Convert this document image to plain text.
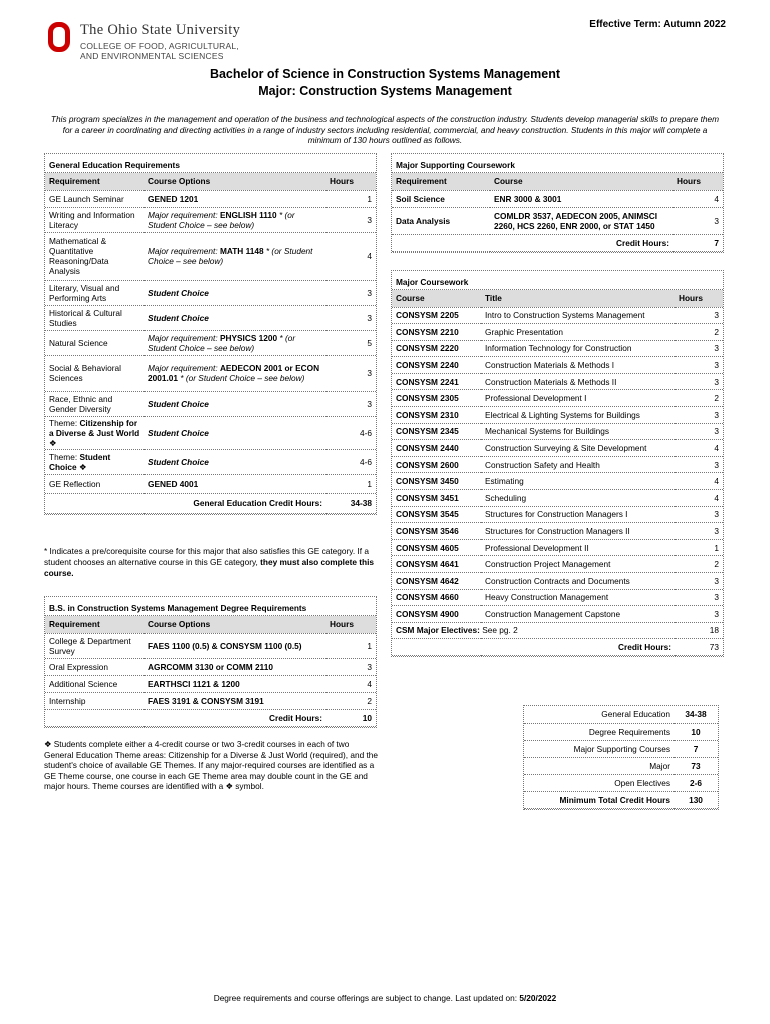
The Ohio State University
COLLEGE OF FOOD, AGRICULTURAL,
AND ENVIRONMENTAL SCIENCES
Effective Term: Autumn 2022
Bachelor of Science in Construction Systems Management
Major: Construction Systems Management
This program specializes in the management and operation of the business and technological aspects of the construction industry. Students develop managerial skills to prepare them for a career in coordinating and directing activities in a range of industry sectors including residential, commercial, and heavy construction. Students in this major will complete a minimum of 130 hours outlined as follows.
General Education Requirements
Requirement	Course Options	Hours
GE Launch Seminar	GENED 1201	1
Writing and Information Literacy	Major requirement: ENGLISH 1110 * (or Student Choice – see below)	3
Mathematical & Quantitative Reasoning/Data Analysis	Major requirement: MATH 1148 * (or Student Choice – see below)	4
Literary, Visual and Performing Arts	Student Choice	3
Historical & Cultural Studies	Student Choice	3
Natural Science	Major requirement: PHYSICS 1200 * (or Student Choice – see below)	5
Social & Behavioral Sciences	Major requirement: AEDECON 2001 or ECON 2001.01 * (or Student Choice – see below)	3
Race, Ethnic and Gender Diversity	Student Choice	3
Theme: Citizenship for a Diverse & Just World ❖	Student Choice	4-6
Theme: Student Choice ❖	Student Choice	4-6
GE Reflection	GENED 4001	1
General Education Credit Hours:		34-38
* Indicates a pre/corequisite course for this major that also satisfies this GE category. If a student chooses an alternative course in this GE category, they must also complete this course.
B.S. in Construction Systems Management Degree Requirements
Requirement	Course Options	Hours
College & Department Survey	FAES 1100 (0.5) & CONSYSM 1100 (0.5)	1
Oral Expression	AGRCOMM 3130 or COMM 2110	3
Additional Science	EARTHSCI 1121 & 1200	4
Internship	FAES 3191 & CONSYSM 3191	2
Credit Hours:		10
❖ Students complete either a 4-credit course or two 3-credit courses in each of two General Education Theme areas: Citizenship for a Diverse & Just World (required), and the student's choice of available GE Themes. If any major-required courses are identified as a GE Theme course, one course in each GE Theme area may double count in the GE and major hours. Theme courses are identified with a ❖ symbol.
Major Supporting Coursework
Requirement	Course	Hours
Soil Science	ENR 3000 & 3001	4
Data Analysis	COMLDR 3537, AEDECON 2005, ANIMSCI 2260, HCS 2260, ENR 2000, or STAT 1450	3
Credit Hours:		7
Major Coursework
Course	Title	Hours
CONSYSM 2205	Intro to Construction Systems Management	3
CONSYSM 2210	Graphic Presentation	2
CONSYSM 2220	Information Technology for Construction	3
CONSYSM 2240	Construction Materials & Methods I	3
CONSYSM 2241	Construction Materials & Methods II	3
CONSYSM 2305	Professional Development I	2
CONSYSM 2310	Electrical & Lighting Systems for Buildings	3
CONSYSM 2345	Mechanical Systems for Buildings	3
CONSYSM 2440	Construction Surveying & Site Development	4
CONSYSM 2600	Construction Safety and Health	3
CONSYSM 3450	Estimating	4
CONSYSM 3451	Scheduling	4
CONSYSM 3545	Structures for Construction Managers I	3
CONSYSM 3546	Structures for Construction Managers II	3
CONSYSM 4605	Professional Development II	1
CONSYSM 4641	Construction Project Management	2
CONSYSM 4642	Construction Contracts and Documents	3
CONSYSM 4660	Heavy Construction Management	3
CONSYSM 4900	Construction Management Capstone	3
CSM Major Electives: See pg. 2		18
Credit Hours:		73
General Education	34-38
Degree Requirements	10
Major Supporting Courses	7
Major	73
Open Electives	2-6
Minimum Total Credit Hours	130
Degree requirements and course offerings are subject to change. Last updated on: 5/20/2022
